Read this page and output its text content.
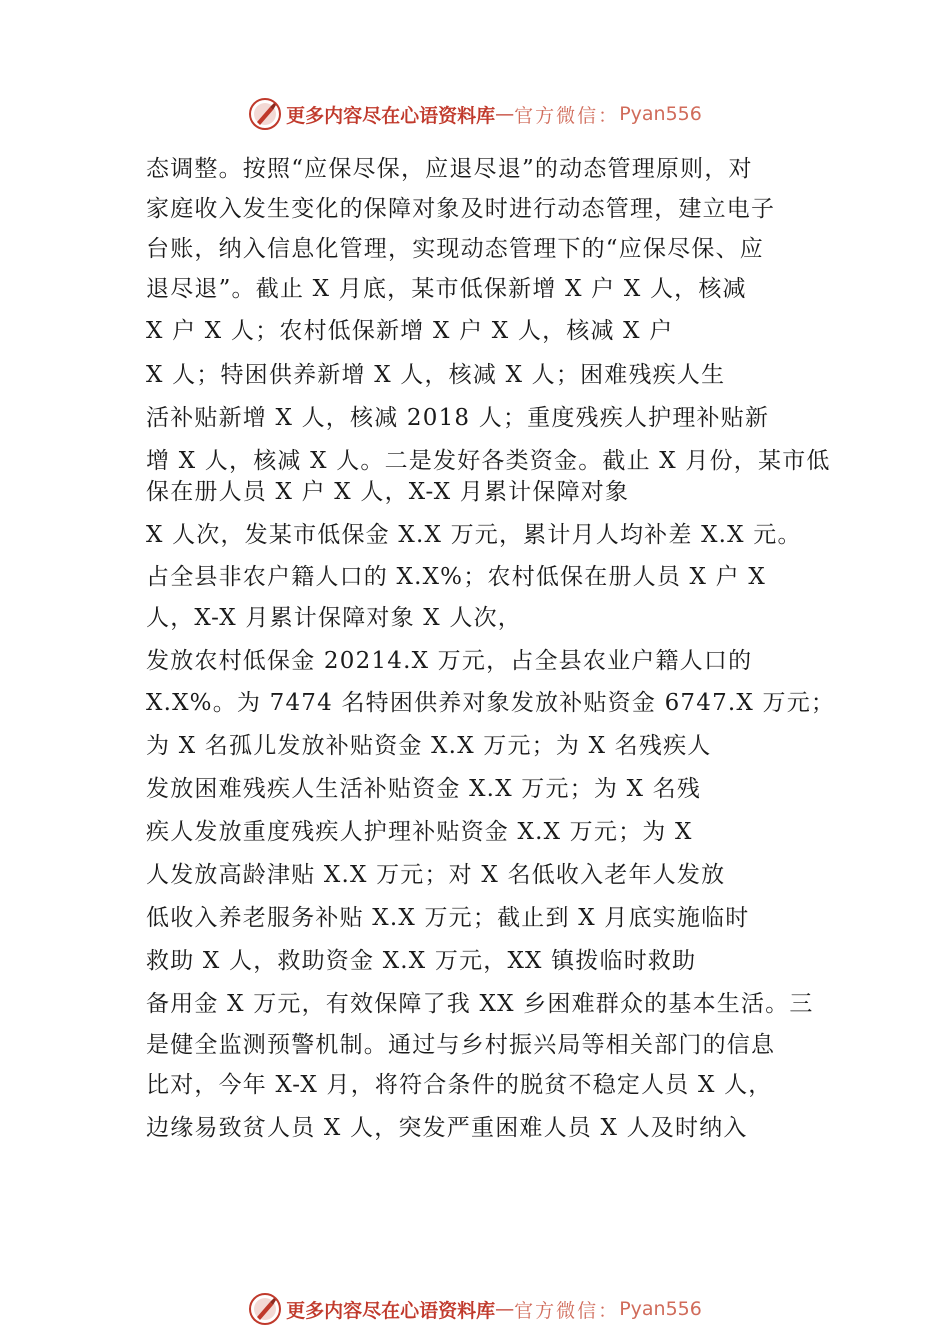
更多内容尽在心语资料库 — 官方微信： Pyan556
态调整。按照“应保尽保，应退尽退”的动态管理原则，对
家庭收入发生变化的保障对象及时进行动态管理，建立电子
台账，纳入信息化管理，实现动态管理下的“应保尽保、应
退尽退”。截止 X 月底，某市低保新增 X 户 X 人，核减
X 户 X 人；农村低保新增 X 户 X 人，核减 X 户
X 人；特困供养新增 X 人，核减 X 人；困难残疾人生
活补贴新增 X 人，核减 2018 人；重度残疾人护理补贴新
增 X 人，核减 X 人。二是发好各类资金。截止 X 月份，某市低
保在册人员 X 户 X 人，X-X 月累计保障对象
X 人次，发某市低保金 X.X 万元，累计月人均补差 X.X 元。
占全县非农户籍人口的 X.X%；农村低保在册人员 X 户 X
人，X-X 月累计保障对象 X 人次，
发放农村低保金 20214.X 万元，占全县农业户籍人口的
X.X%。为 7474 名特困供养对象发放补贴资金 6747.X 万元；
为 X 名孤儿发放补贴资金 X.X 万元；为 X 名残疾人
发放困难残疾人生活补贴资金 X.X 万元；为 X 名残
疾人发放重度残疾人护理补贴资金 X.X 万元；为 X
人发放高龄津贴 X.X 万元；对 X 名低收入老年人发放
低收入养老服务补贴 X.X 万元；截止到 X 月底实施临时
救助 X 人，救助资金 X.X 万元，XX 镇拨临时救助
备用金 X 万元，有效保障了我 XX 乡困难群众的基本生活。三
是健全监测预警机制。通过与乡村振兴局等相关部门的信息
比对，今年 X-X 月，将符合条件的脱贫不稳定人员 X 人，
边缘易致贫人员 X 人，突发严重困难人员 X 人及时纳入
更多内容尽在心语资料库 — 官方微信： Pyan556
